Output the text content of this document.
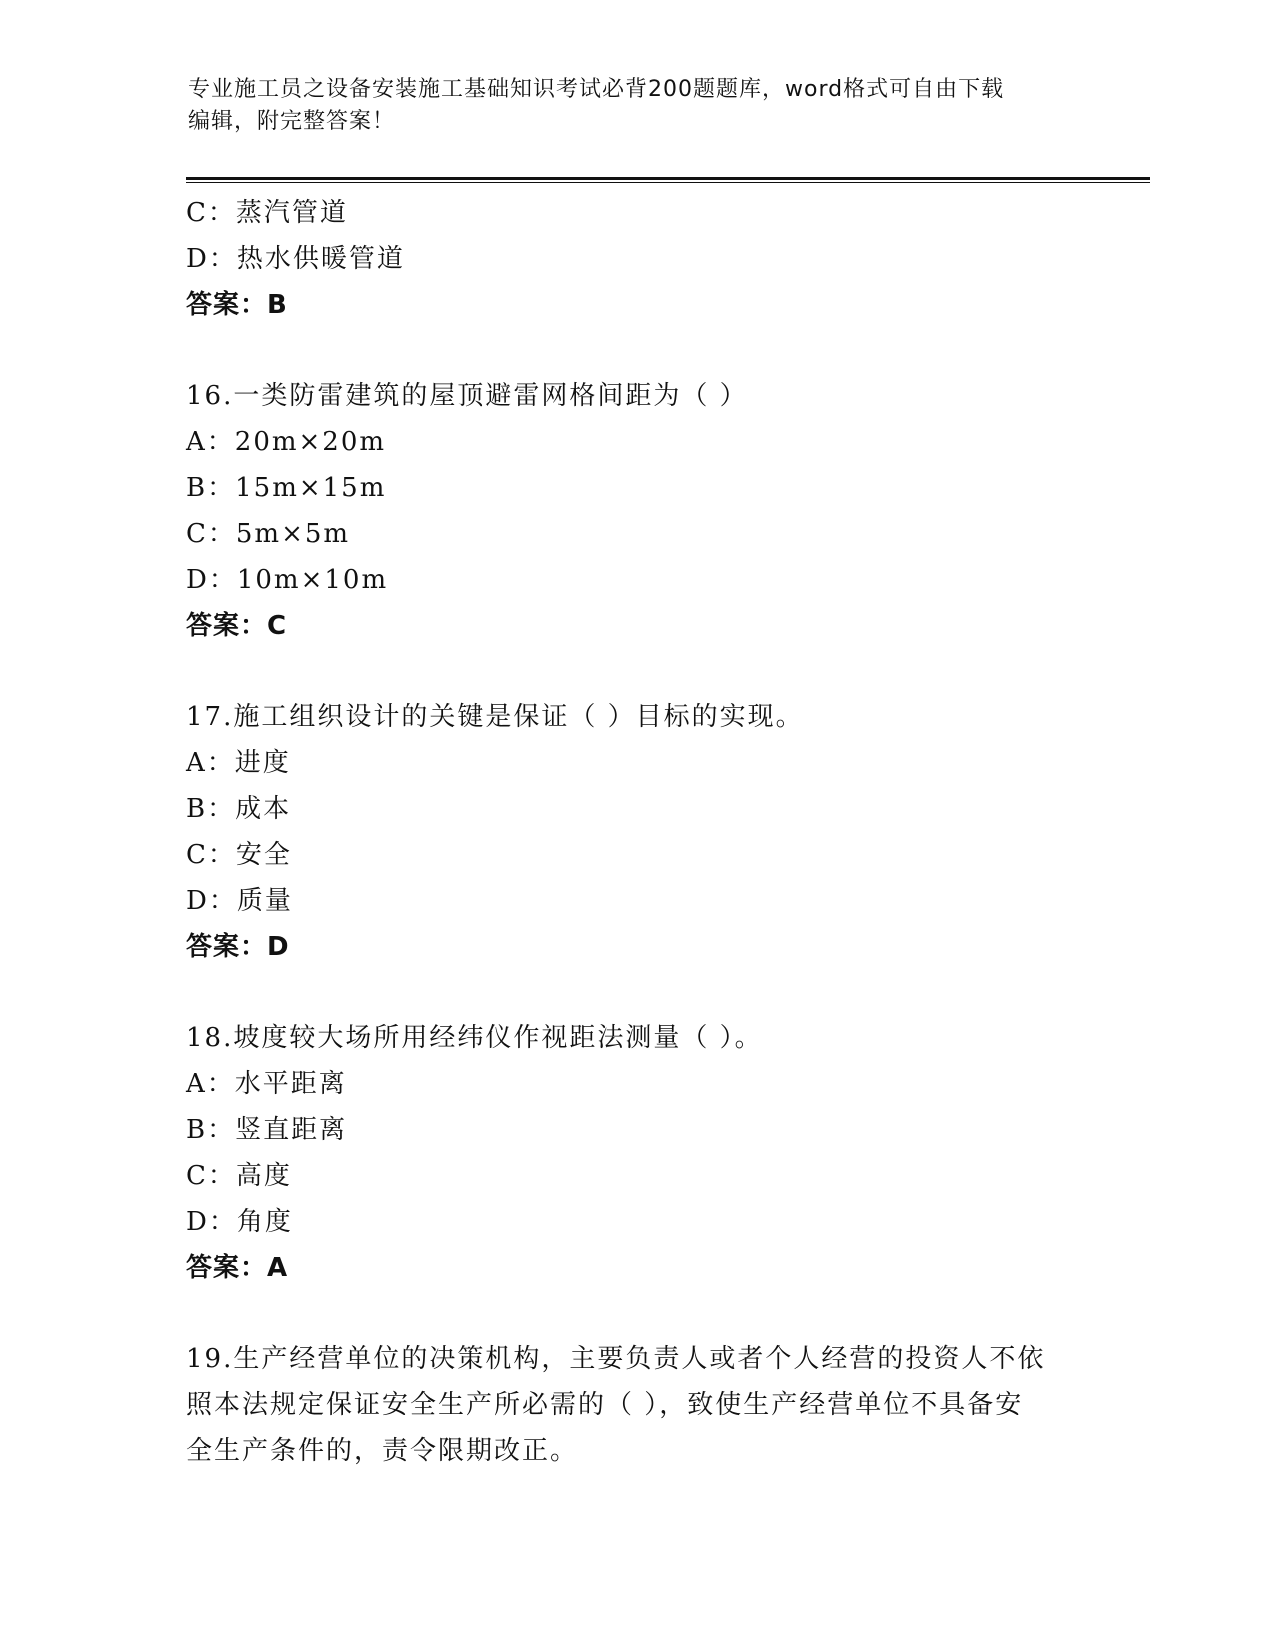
专业施工员之设备安装施工基础知识考试必背200题题库，word格式可自由下载
编辑，附完整答案！
C：蒸汽管道
D：热水供暖管道
答案：B
16.一类防雷建筑的屋顶避雷网格间距为（ ）
A：20m×20m
B：15m×15m
C：5m×5m
D：10m×10m
答案：C
17.施工组织设计的关键是保证（ ）目标的实现。
A：进度
B：成本
C：安全
D：质量
答案：D
18.坡度较大场所用经纬仪作视距法测量（ ）。
A：水平距离
B：竖直距离
C：高度
D：角度
答案：A
19.生产经营单位的决策机构，主要负责人或者个人经营的投资人不依
照本法规定保证安全生产所必需的（ ），致使生产经营单位不具备安
全生产条件的，责令限期改正。
